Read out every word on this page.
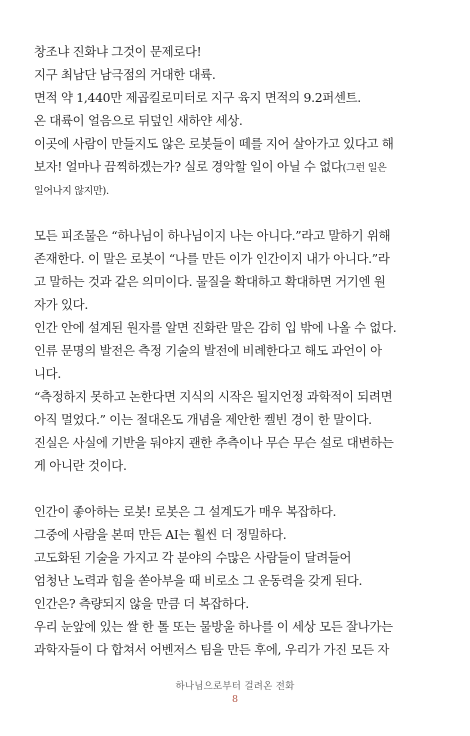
창조냐 진화냐 그것이 문제로다!
지구 최남단 남극점의 거대한 대륙.
면적 약 1,440만 제곱킬로미터로 지구 육지 면적의 9.2퍼센트.
온 대륙이 얼음으로 뒤덮인 새하얀 세상.
이곳에 사람이 만들지도 않은 로봇들이 떼를 지어 살아가고 있다고 해
보자! 얼마나 끔찍하겠는가? 실로 경악할 일이 아닐 수 없다(그런 일은
일어나지 않지만).
모든 피조물은 “하나님이 하나님이지 나는 아니다.”라고 말하기 위해
존재한다. 이 말은 로봇이 “나를 만든 이가 인간이지 내가 아니다.”라
고 말하는 것과 같은 의미이다. 물질을 확대하고 확대하면 거기엔 원
자가 있다.
인간 안에 설계된 원자를 알면 진화란 말은 감히 입 밖에 나올 수 없다.
인류 문명의 발전은 측정 기술의 발전에 비례한다고 해도 과언이 아
니다.
“측정하지 못하고 논한다면 지식의 시작은 될지언정 과학적이 되려면
아직 멀었다.” 이는 절대온도 개념을 제안한 켈빈 경이 한 말이다.
진실은 사실에 기반을 둬야지 괜한 추측이나 무슨 무슨 설로 대변하는
게 아니란 것이다.
인간이 좋아하는 로봇! 로봇은 그 설계도가 매우 복잡하다.
그중에 사람을 본떠 만든 AI는 훨씬 더 정밀하다.
고도화된 기술을 가지고 각 분야의 수많은 사람들이 달려들어
엄청난 노력과 힘을 쏟아부을 때 비로소 그 운동력을 갖게 된다.
인간은? 측량되지 않을 만큼 더 복잡하다.
우리 눈앞에 있는 쌀 한 톨 또는 물방울 하나를 이 세상 모든 잘나가는
과학자들이 다 합쳐서 어벤저스 팀을 만든 후에, 우리가 가진 모든 자
하나님으로부터 걸려온 전화
8
